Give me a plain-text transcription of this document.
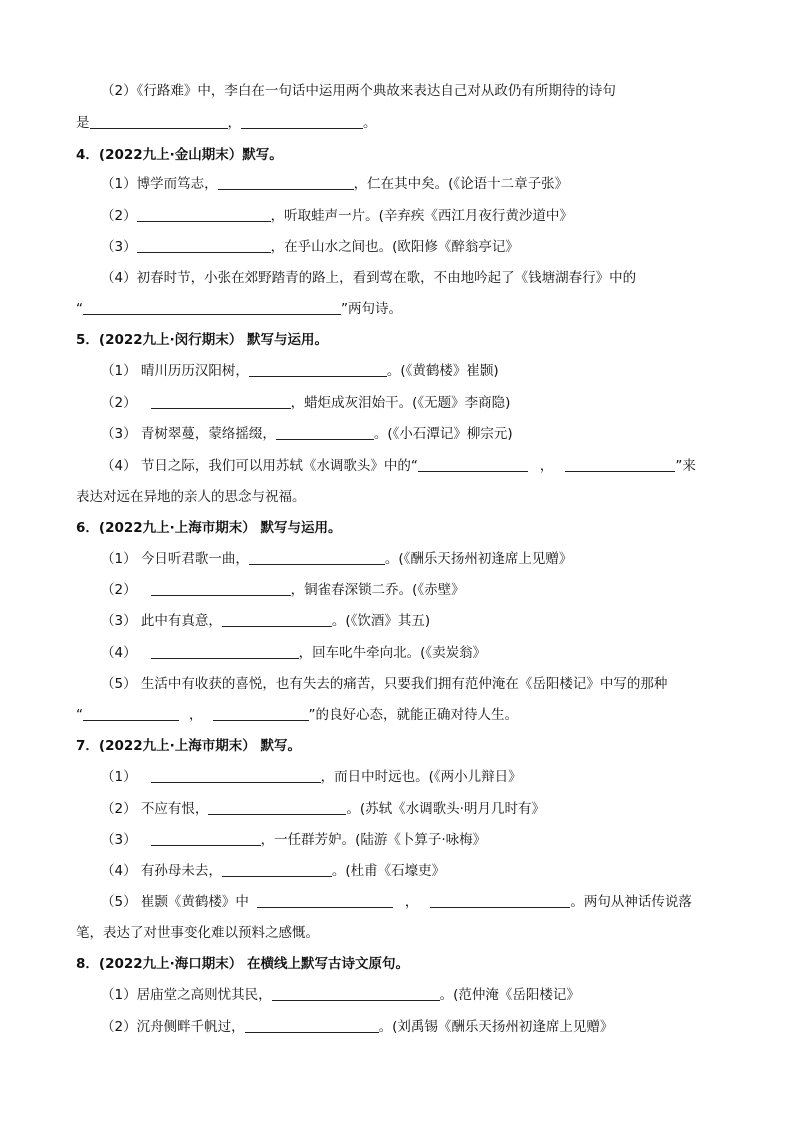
（2）《行路难》中，李白在一句话中运用两个典故来表达自己对从政仍有所期待的诗句
是	，	。
4．(2022九上·金山期末）默写。
（1）博学而笃志，	，仁在其中矣。(《论语十二章子张》
（2）	，听取蛙声一片。(辛弃疾《西江月夜行黄沙道中》
（3）	，在乎山水之间也。(欧阳修《醉翁亭记》
（4）初春时节，小张在郊野踏青的路上，看到莺在歌，不由地吟起了《钱塘湖春行》中的
“	”两句诗。
5．(2022九上·闵行期末） 默写与运用。
（1） 晴川历历汉阳树，	。(《黄鹤楼》崔颢)
（2）	，蜡炬成灰泪始干。(《无题》李商隐)
（3） 青树翠蔓，蒙络摇缀，	。(《小石潭记》柳宗元)
（4） 节日之际，我们可以用苏轼《水调歌头》中的“	，	”来
表达对远在异地的亲人的思念与祝福。
6．(2022九上·上海市期末） 默写与运用。
（1） 今日听君歌一曲，	。(《酬乐天扬州初逢席上见赠》
（2）	，铜雀春深锁二乔。(《赤壁》
（3） 此中有真意，	。(《饮酒》其五)
（4）	，回车叱牛牵向北。(《卖炭翁》
（5） 生活中有收获的喜悦，也有失去的痛苦，只要我们拥有范仲淹在《岳阳楼记》中写的那种
“	，	”的良好心态，就能正确对待人生。
7．(2022九上·上海市期末） 默写。
（1）	，而日中时远也。(《两小儿辩日》
（2） 不应有恨，	。(苏轼《水调歌头·明月几时有》
（3）	，一任群芳妒。(陆游《卜算子·咏梅》
（4） 有孙母未去，	。(杜甫《石壕吏》
（5） 崔颢《黄鹤楼》中	，	。两句从神话传说落
笔，表达了对世事变化难以预料之感慨。
8．(2022九上·海口期末） 在横线上默写古诗文原句。
（1）居庙堂之高则忧其民，	。(范仲淹《岳阳楼记》
（2）沉舟侧畔千帆过，	。(刘禹锡《酬乐天扬州初逢席上见赠》
